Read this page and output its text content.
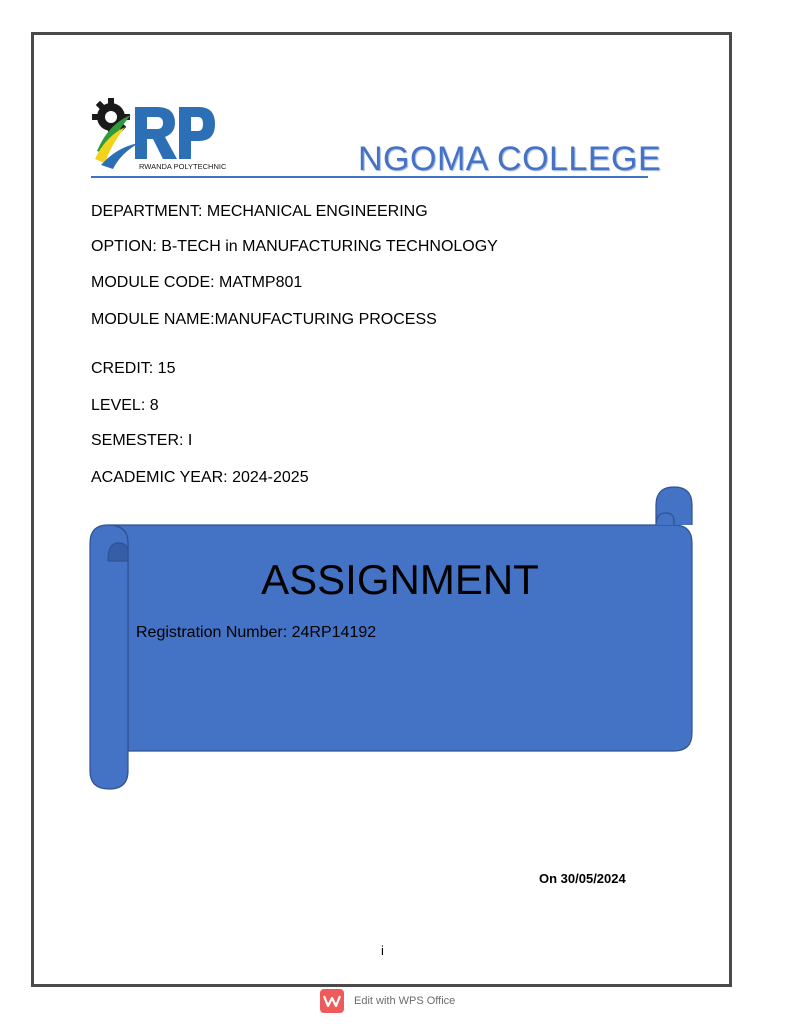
RWANDA POLYTECHNIC	NGOMA COLLEGE
DEPARTMENT: MECHANICAL ENGINEERING
OPTION: B-TECH in MANUFACTURING TECHNOLOGY
MODULE CODE: MATMP801
MODULE NAME:MANUFACTURING PROCESS
CREDIT: 15
LEVEL: 8
SEMESTER: I
ACADEMIC YEAR: 2024-2025
ASSIGNMENT
Registration Number: 24RP14192
On 30/05/2024
i
Edit with WPS Office
